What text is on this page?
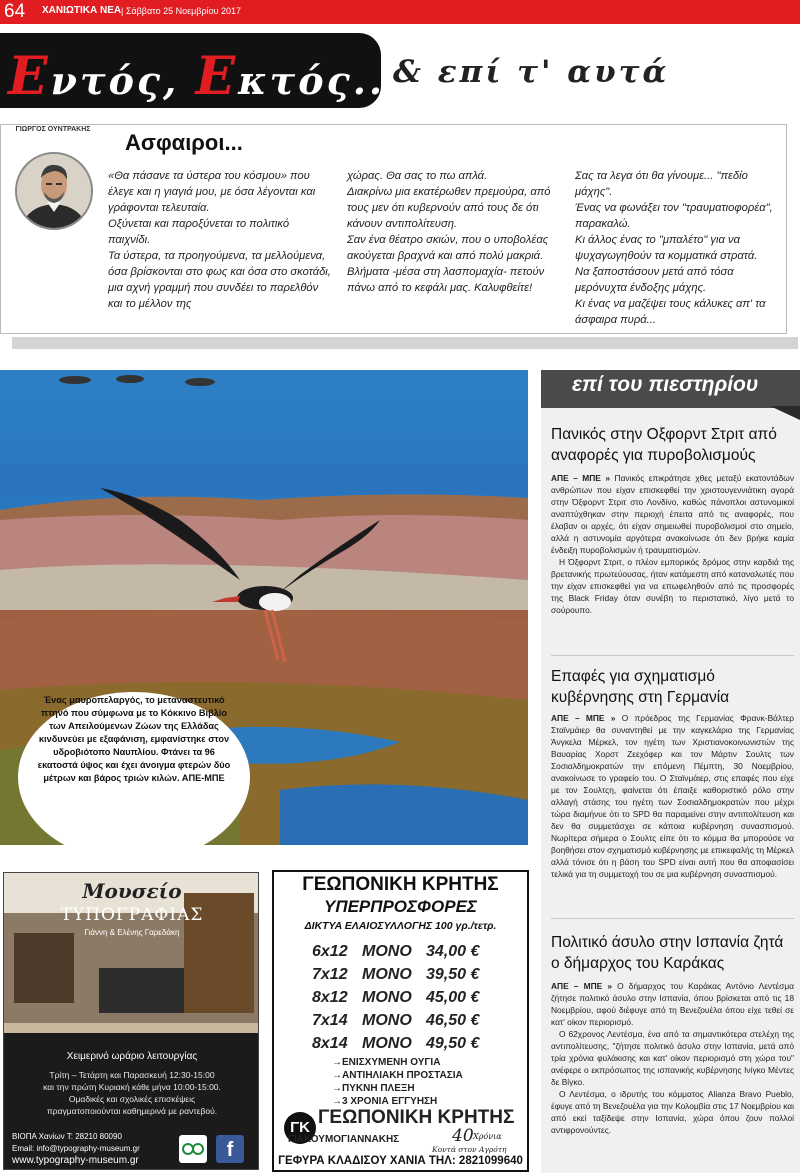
64 ΧΑΝΙΩΤΙΚΑ ΝΕΑ | Σάββατο 25 Νοεμβρίου 2017
Εντός, Εκτός...
& επί τ' αυτά
ΓΙΩΡΓΟΣ ΟΥΝΤΡΑΚΗΣ
Ασφαιροι...

«Θα πάσανε τα ύστερα του κόσμου» που έλεγε και η γιαγιά μου, με όσα λέγονται και γράφονται τελευταία.

Οξύνεται και παροξύνεται το πολιτικό παιχνίδι.

Τα ύστερα, τα προηγούμενα, τα μελλούμενα, όσα βρίσκονται στο φως και όσα στο σκοτάδι, μια αχνή γραμμή που συνδέει το παρελθόν και το μέλλον της

χώρας. Θα σας το πω απλά.

Διακρίνω μια εκατέρωθεν πρεμούρα, από τους μεν ότι κυβερνούν από τους δε ότι κάνουν αντιπολίτευση.

Σαν ένα θέατρο σκιών, που ο υποβολέας ακούγεται βραχνά και από πολύ μακριά.

Βλήματα -μέσα στη λασπομαχία- πετούν πάνω από το κεφάλι μας. Καλυφθείτε!

Σας τα λεγα ότι θα γίνουμε... "πεδίο μάχης".

Ένας να φωνάξει τον "τραυματιοφορέα", παρακαλώ.

Κι άλλος ένας το "μπαλέτο" για να ψυχαγωγηθούν τα κομματικά στρατά.

Να ξαποστάσουν μετά από τόσα μερόνυχτα ένδοξης μάχης.

Κι ένας να μαζέψει τους κάλυκες απ' τα άσφαιρα πυρά...

Ένας μαυροπελαργός, το μεταναστευτικό πτηνό που σύμφωνα με το Κόκκινο Βιβλίο των Απειλούμενων Ζώων της Ελλάδας κινδυνεύει με εξαφάνιση, εμφανίστηκε στον υδροβιότοπο Ναυπλίου. Φτάνει τα 96 εκατοστά ύψος και έχει άνοιγμα φτερών δύο μέτρων και βάρος τριών κιλών. ΑΠΕ-ΜΠΕ
επί του πιεστηρίου
Πανικός στην Οξφορντ Στριτ από αναφορές για πυροβολισμούς

ΑΠΕ – ΜΠΕ » Πανικός επικράτησε χθες μεταξύ εκατοντάδων ανθρώπων που είχαν επισκεφθεί την χριστουγεννιάτικη αγορά στην Όξφορντ Στριτ στο Λονδίνο, καθώς πάνοπλοι αστυνομικοί αναπτύχθηκαν στην περιοχή έπειτα από τις αναφορές, που έλαβαν οι αρχές, ότι είχαν σημειωθεί πυροβολισμοί στο σημείο, αλλά η αστυνομία αργότερα ανακοίνωσε ότι δεν βρήκε καμία ένδειξη πυροβολισμών ή τραυματισμών.

Η Όξφορντ Στριτ, ο πλέον εμπορικός δρόμος στην καρδιά της βρετανικής πρωτεύουσας, ήταν κατάμεστη από καταναλωτές που την είχαν επισκεφθεί για να επωφεληθούν από τις προσφορές της Black Friday όταν συνέβη το περιστατικό, λίγο μετά το σούρουπο.

Επαφές για σχηματισμό κυβέρνησης στη Γερμανία

ΑΠΕ – ΜΠΕ » Ο πρόεδρος της Γερμανίας Φρανκ-Βάλτερ Σταϊνμάιερ θα συναντηθεί με την καγκελάριο της Γερμανίας Άνγκελα Μέρκελ, τον ηγέτη των Χριστιανοκοινωνιστών της Βαυαρίας Χορστ Ζεεχόφερ και τον Μάρτιν Σουλτς των Σοσιαλδημοκρατών την επόμενη Πέμπτη, 30 Νοεμβρίου, ανακοίνωσε το γραφείο του. Ο Σταϊνμάιερ, στις επαφές που είχε με τον Σουλτςη, φαίνεται ότι έπαιξε καθοριστικό ρόλο στην αλλαγή στάσης του ηγέτη των Σοσιαλδημοκρατών που μέχρι τώρα διαμήνυε ότι το SPD θα παραμείνει στην αντιπολίτευση και δεν θα συμμετάσχει σε κάποια κυβέρνηση συνασπισμού. Νωρίτερα σήμερα ο Σουλτς είπε ότι το κόμμα θα μπορούσε να βοηθήσει στον σχηματισμό κυβέρνησης με επικεφαλής τη Μέρκελ αλλά τόνισε ότι η βάση του SPD είναι αυτή που θα αποφασίσει τελικά για τη συμμετοχή του σε μια κυβέρνηση συνασπισμού.

Πολιτικό άσυλο στην Ισπανία ζητά ο δήμαρχος του Καράκας

ΑΠΕ – ΜΠΕ » Ο δήμαρχος του Καράκας Αντόνιο Λεντέσμα ζήτησε πολιτικό άσυλο στην Ισπανία, όπου βρίσκεται από τις 18 Νοεμβρίου, αφού διέφυγε από τη Βενεζουέλα όπου είχε τεθεί σε κατ' οίκον περιορισμό.

Ο 62χρονος Λεντέσμα, ένα από τα σημαντικότερα στελέχη της αντιπολίτευσης, "ζήτησε πολιτικό άσυλο στην Ισπανία, μετά από τρία χρόνια φυλάκισης και κατ' οίκον περιορισμό στη χώρα του" ανέφερε ο εκπρόσωπος της ισπανικής κυβέρνησης Ινίγκο Μέντες δε Βίγκο.

Ο Λεντέσμα, ο ιδρυτής του κόμματος Alianza Bravo Pueblo, έφυγε από τη Βενεζουέλα για την Κολομβία στις 17 Νοεμβρίου και από εκεί ταξίδεψε στην Ισπανία, χώρα όπου ζουν πολλοί αντιφρονούντες.

Μουσείο
ΤΥΠΟΓΡΑΦΙΑΣ
Γιάννη & Ελένης Γαρεδάκη
Χειμερινό ωράριο λειτουργίας
Τρίτη – Τετάρτη και Παρασκευή 12:30-15:00
και την πρώτη Κυριακή κάθε μήνα 10:00-15:00.
Ομαδικές και σχολικές επισκέψεις
πραγματοποιούνται καθημερινά με ραντεβού.
ΒΙΟΠΑ Χανίων Τ: 28210 80090
Email: info@typography-museum.gr
www.typography-museum.gr	f
ΓΕΩΠΟΝΙΚΗ ΚΡΗΤΗΣ
ΥΠΕΡΠΡΟΣΦΟΡΕΣ
ΔΙΚΤΥΑ ΕΛΑΙΟΣΥΛΛΟΓΗΣ 100 γρ./τετρ.
6x12 ΜΟΝΟ 34,00 €
7x12 ΜΟΝΟ 39,50 €
8x12 ΜΟΝΟ 45,00 €
7x14 ΜΟΝΟ 46,50 €
8x14 ΜΟΝΟ 49,50 €
→ΕΝΙΣΧΥΜΕΝΗ ΟΥΓΙΑ
→ΑΝΤΙΗΛΙΑΚΗ ΠΡΟΣΤΑΣΙΑ
→ΠΥΚΝΗ ΠΛΕΞΗ
→3 ΧΡΟΝΙΑ ΕΓΓΥΗΣΗ
ΓΚ ΓΕΩΠΟΝΙΚΗ ΚΡΗΤΗΣ
ΓΙΑΚΟΥΜΟΓΙΑΝΝΑΚΗΣ	40 Χρόνια
Κοντά στον Αγρότη
ΓΕΦΥΡΑ ΚΛΑΔΙΣΟΥ ΧΑΝΙΑ ΤΗΛ: 2821099640
